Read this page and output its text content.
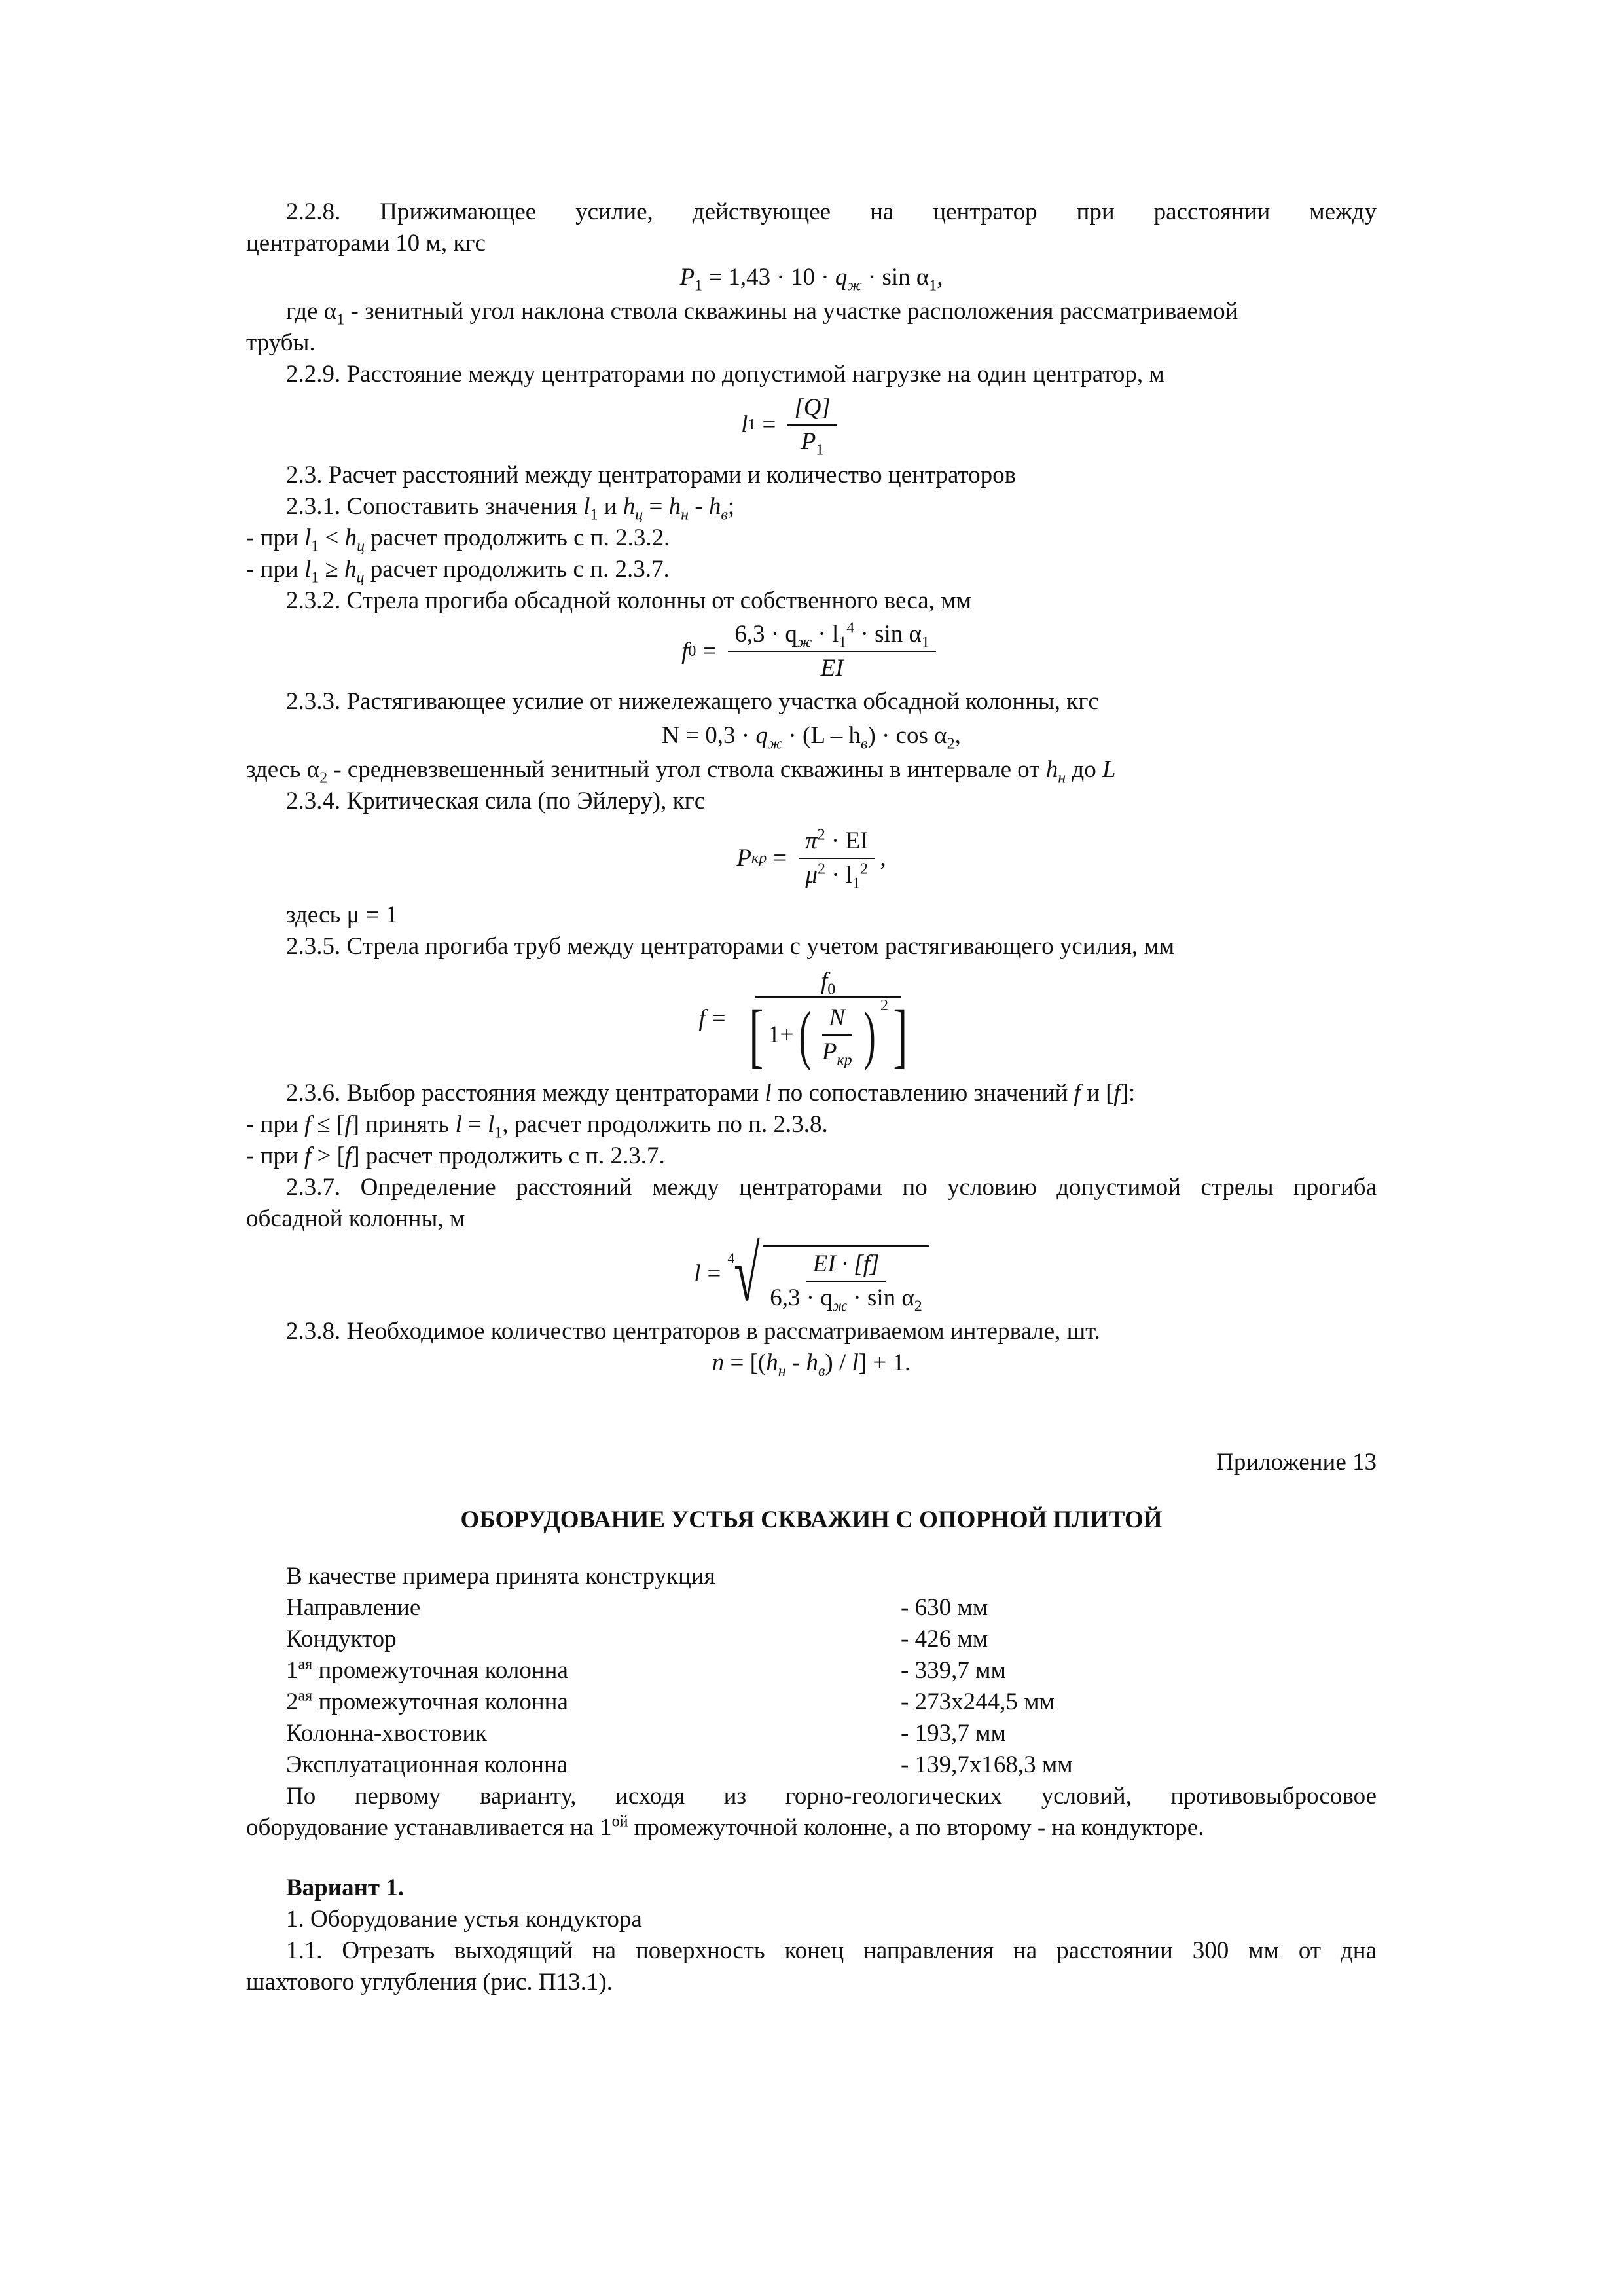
2.2.8. Прижимающее усилие, действующее на центратор при расстоянии между

центраторами 10 м, кгс

$P_1 = 1,43 \cdot 10 \cdot q_ж \cdot \sin \alpha_1$,

где $\alpha_1$ - зенитный угол наклона ствола скважины на участке расположения рассматриваемой

трубы.

2.2.9. Расстояние между центраторами по допустимой нагрузке на один центратор, м

l $1 = \frac{[Q]}{P_1}$

2.3. Расчет расстояний между центраторами и количество центраторов

2.3.1. Сопоставить значения $l_1$ и $h_ц = h_н - h_в$;

- при $l_1 < h_ц$ расчет продолжить с п. 2.3.2.

- при $l_1 \ge h_ц$ расчет продолжить с п. 2.3.7.

2.3.2. Стрела прогиба обсадной колонны от собственного веса, мм

f $0 = \frac{6,3 \cdot q_ж \cdot l_1^4 \cdot \sin \alpha_1}{EI}$

2.3.3. Растягивающее усилие от нижележащего участка обсадной колонны, кгс

$N = 0,3 \cdot q_ж \cdot (L - h_в) \cdot \cos \alpha_2$,

здесь $\alpha_2$ - средневзвешенный зенитный угол ствола скважины в интервале от $h_н$ до L

2.3.4. Критическая сила (по Эйлеру), кгс

P кр = $\frac{\pi^2 \cdot EI}{\mu^2 \cdot l_1^2}$ ,

здесь μ = 1

2.3.5. Стрела прогиба труб между центраторами с учетом растягивающего усилия, мм

$f = \frac{f_0}{[ 1+ ( \frac{N}{P_{кр}} ) 2 ]}$

2.3.6. Выбор расстояния между центраторами l по сопоставлению значений f и [f]:

- при f ≤ [f] принять $l = l_1$, расчет продолжить по п. 2.3.8.

- при f > [f] расчет продолжить с п. 2.3.7.

2.3.7. Определение расстояний между центраторами по условию допустимой стрелы прогиба

обсадной колонны, м

l =
4 √ $\frac{EI \cdot [f]}{6,3 \cdot q_ж \cdot \sin \alpha_2}$

2.3.8. Необходимое количество центраторов в рассматриваемом интервале, шт.

$n = [(h_н - h_в) / l] + 1$.

Приложение 13

ОБОРУДОВАНИЕ УСТЬЯ СКВАЖИН С ОПОРНОЙ ПЛИТОЙ

В качестве примера принята конструкция

Направление	- 630 мм
Кондуктор	- 426 мм
$1^{ая}$ промежуточная колонна	- 339,7 мм
$2^{ая}$ промежуточная колонна	- 273х244,5 мм
Колонна-хвостовик	- 193,7 мм
Эксплуатационная колонна	- 139,7х168,3 мм

По первому варианту, исходя из горно-геологических условий, противовыбросовое

оборудование устанавливается на $1^{ой}$ промежуточной колонне, а по второму - на кондукторе.

Вариант 1.

1. Оборудование устья кондуктора

1.1. Отрезать выходящий на поверхность конец направления на расстоянии 300 мм от дна

шахтового углубления (рис. П13.1).
